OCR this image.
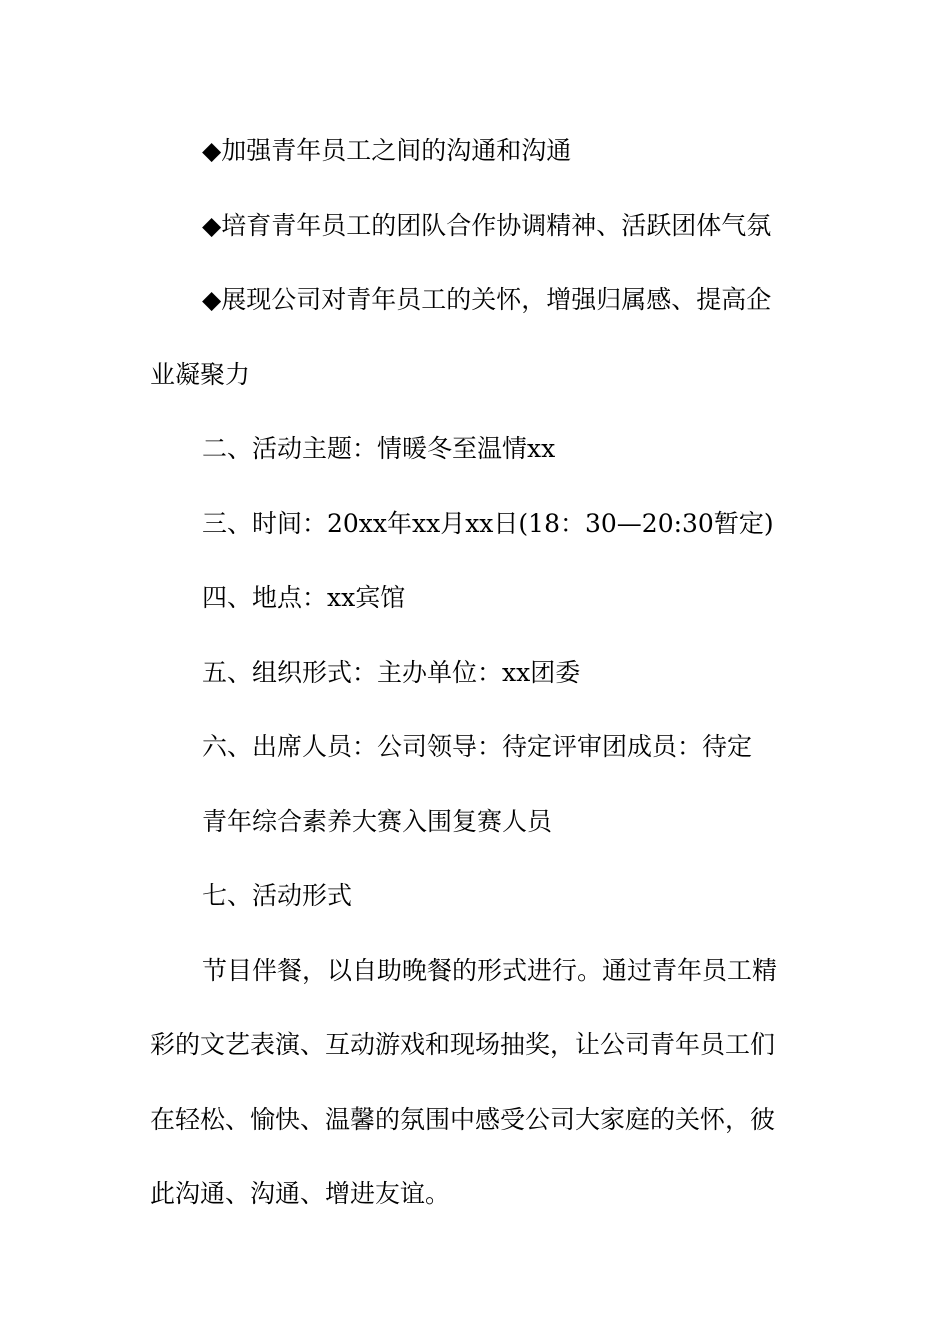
◆加强青年员工之间的沟通和沟通

◆培育青年员工的团队合作协调精神、活跃团体气氛

◆展现公司对青年员工的关怀，增强归属感、提高企业凝聚力

二、活动主题：情暖冬至温情xx

三、时间：20xx年xx月xx日(18：30—20:30暂定)

四、地点：xx宾馆

五、组织形式：主办单位：xx团委

六、出席人员：公司领导：待定评审团成员：待定

青年综合素养大赛入围复赛人员

七、活动形式

节目伴餐，以自助晚餐的形式进行。通过青年员工精彩的文艺表演、互动游戏和现场抽奖，让公司青年员工们在轻松、愉快、温馨的氛围中感受公司大家庭的关怀，彼此沟通、沟通、增进友谊。
